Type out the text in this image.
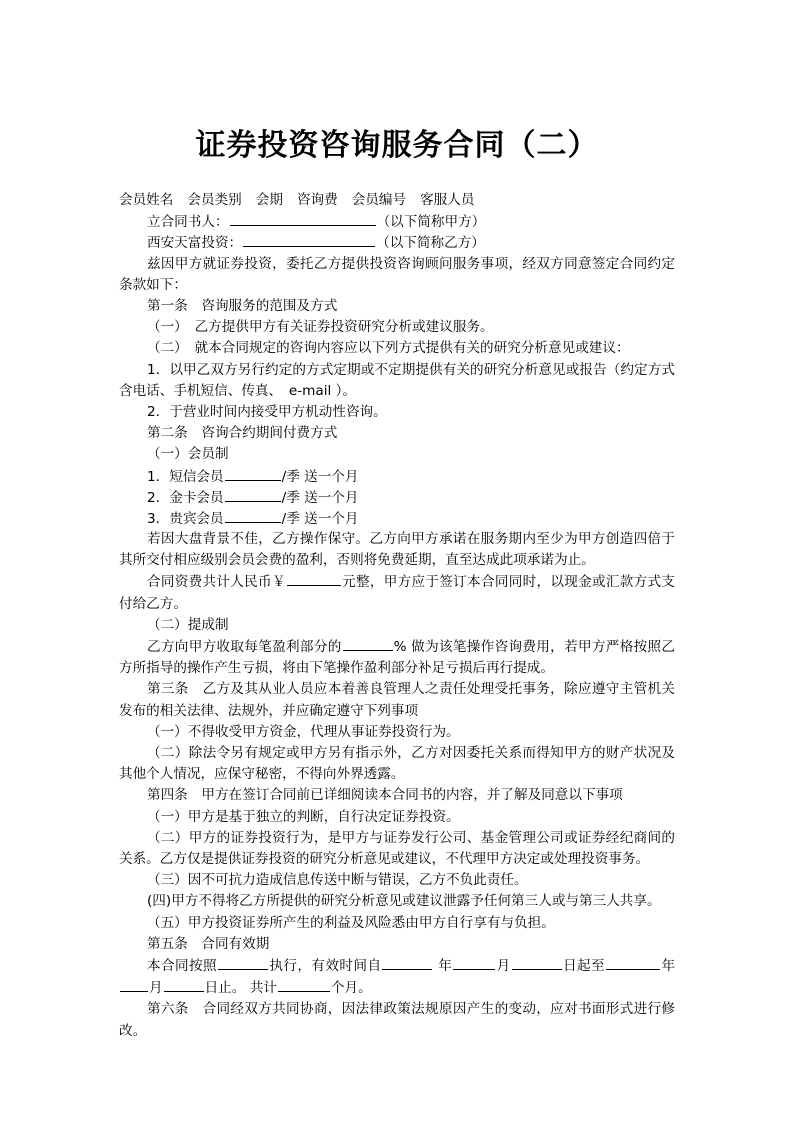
证券投资咨询服务合同（二）
会员姓名 会员类别 会期 咨询费 会员编号 客服人员
立合同书人：	（以下简称甲方）
西安天富投资：	（以下简称乙方）
兹因甲方就证券投资，委托乙方提供投资咨询顾问服务事项，经双方同意签定合同约定条款如下：
第一条　咨询服务的范围及方式
（一）　乙方提供甲方有关证券投资研究分析或建议服务。
（二）　就本合同规定的咨询内容应以下列方式提供有关的研究分析意见或建议：
1．以甲乙双方另行约定的方式定期或不定期提供有关的研究分析意见或报告（约定方式含电话、手机短信、传真、　e-mail ）。
2．于营业时间内接受甲方机动性咨询。
第二条　咨询合约期间付费方式
（一）会员制
1．短信会员	/季 送一个月
2．金卡会员	/季 送一个月
3．贵宾会员	/季 送一个月
若因大盘背景不佳，乙方操作保守。乙方向甲方承诺在服务期内至少为甲方创造四倍于其所交付相应级别会员会费的盈利，否则将免费延期，直至达成此项承诺为止。
合同资费共计人民币￥	元整，甲方应于签订本合同同时，以现金或汇款方式支付给乙方。
（二）提成制
乙方向甲方收取每笔盈利部分的	% 做为该笔操作咨询费用，若甲方严格按照乙方所指导的操作产生亏损，将由下笔操作盈利部分补足亏损后再行提成。
第三条　乙方及其从业人员应本着善良管理人之责任处理受托事务，除应遵守主管机关发布的相关法律、法规外，并应确定遵守下列事项
（一）不得收受甲方资金，代理从事证券投资行为。
（二）除法令另有规定或甲方另有指示外，乙方对因委托关系而得知甲方的财产状况及其他个人情况，应保守秘密，不得向外界透露。
第四条　甲方在签订合同前已详细阅读本合同书的内容，并了解及同意以下事项
（一）甲方是基于独立的判断，自行决定证券投资。
（二）甲方的证券投资行为，是甲方与证券发行公司、基金管理公司或证券经纪商间的关系。乙方仅是提供证券投资的研究分析意见或建议，不代理甲方决定或处理投资事务。
（三）因不可抗力造成信息传送中断与错误，乙方不负此责任。
(四)甲方不得将乙方所提供的研究分析意见或建议泄露予任何第三人或与第三人共享。
（五）甲方投资证券所产生的利益及风险悉由甲方自行享有与负担。
第五条　合同有效期
本合同按照	执行，有效时间自	年	月	日起至	年月	日止。 共计	个月。
第六条　合同经双方共同协商，因法律政策法规原因产生的变动，应对书面形式进行修改。
